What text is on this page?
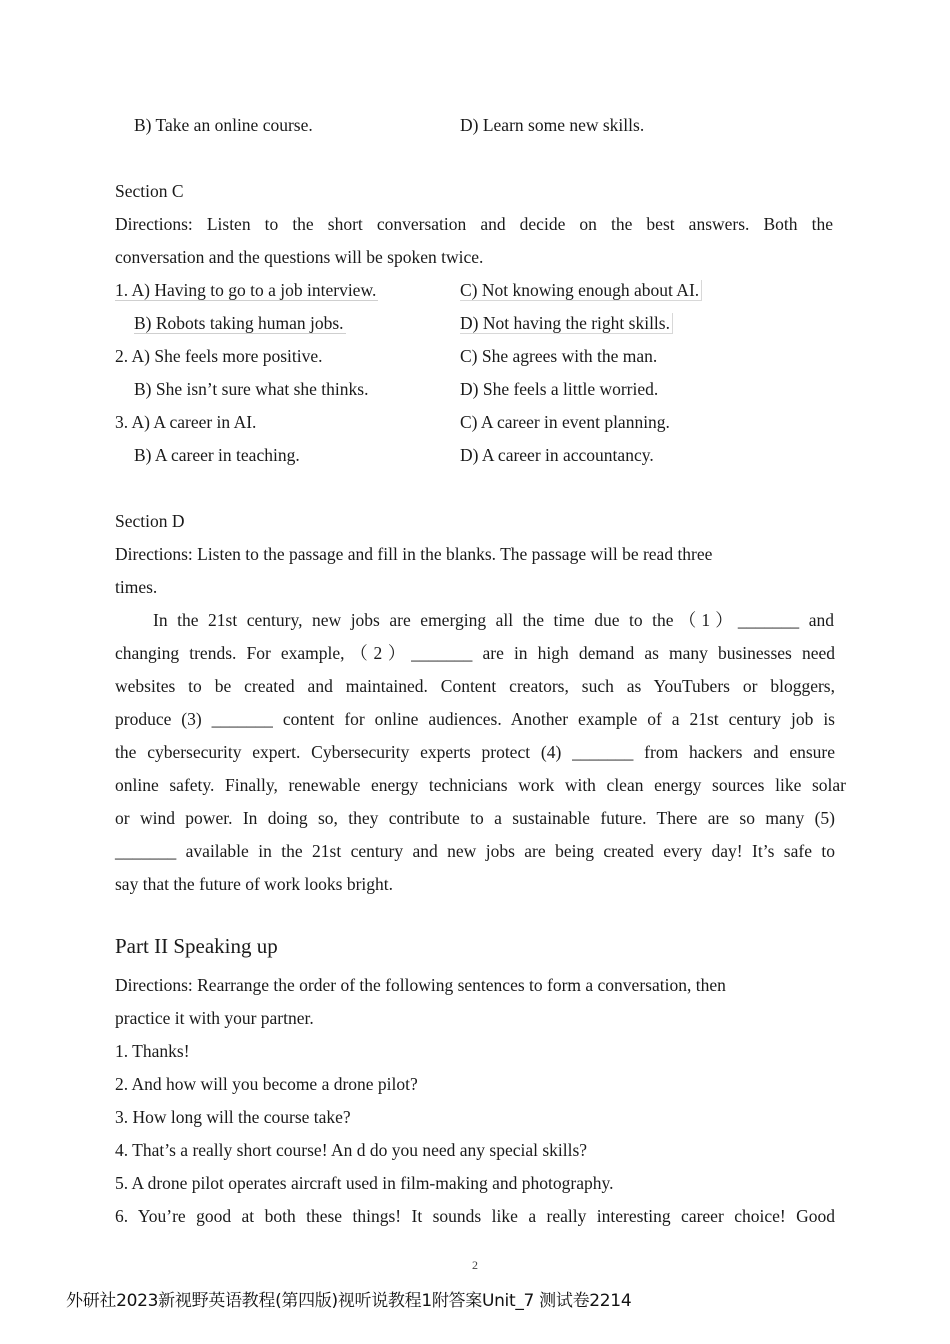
B) Take an online course.	D) Learn some new skills.
Section C
Directions: Listen to the short conversation and decide on the best answers. Both the
conversation and the questions will be spoken twice.
1. A) Having to go to a job interview.	C) Not knowing enough about AI.
B) Robots taking human jobs.	D) Not having the right skills.
2. A) She feels more positive.	C) She agrees with the man.
B) She isn’t sure what she thinks.	D) She feels a little worried.
3. A) A career in AI.	C) A career in event planning.
B) A career in teaching.	D) A career in accountancy.
Section D
Directions: Listen to the passage and fill in the blanks. The passage will be read three
times.
In the 21st century, new jobs are emerging all the time due to the（1）_______ and
changing trends. For example,（2）_______ are in high demand as many businesses need
websites to be created and maintained. Content creators, such as YouTubers or bloggers,
produce (3) _______ content for online audiences. Another example of a 21st century job is
the cybersecurity expert. Cybersecurity experts protect (4) _______ from hackers and ensure
online safety. Finally, renewable energy technicians work with clean energy sources like solar
or wind power. In doing so, they contribute to a sustainable future. There are so many (5)
_______ available in the 21st century and new jobs are being created every day! It’s safe to
say that the future of work looks bright.
Part II Speaking up
Directions: Rearrange the order of the following sentences to form a conversation, then
practice it with your partner.
1. Thanks!
2. And how will you become a drone pilot?
3. How long will the course take?
4. That’s a really short course! An d do you need any special skills?
5. A drone pilot operates aircraft used in film-making and photography.
6. You’re good at both these things! It sounds like a really interesting career choice! Good
2
外研社2023新视野英语教程(第四版)视听说教程1附答案Unit_7 测试卷2214
